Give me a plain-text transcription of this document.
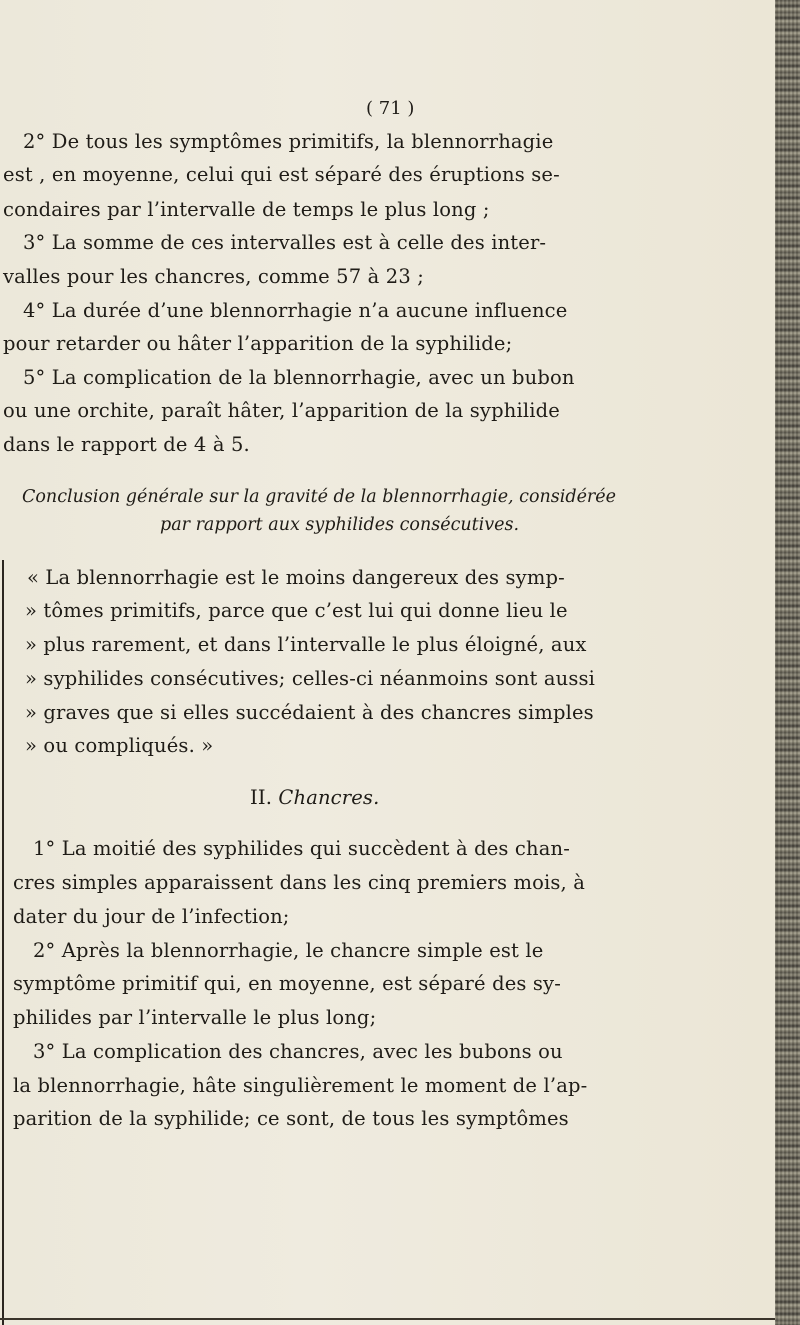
( 71 )

2° De tous les symptômes primitifs, la blennorrhagie

est , en moyenne, celui qui est séparé des éruptions se-

condaires par l’intervalle de temps le plus long ;

3° La somme de ces intervalles est à celle des inter-

valles pour les chancres, comme 57 à 23 ;

4° La durée d’une blennorrhagie n’a aucune influence

pour retarder ou hâter l’apparition de la syphilide;

5° La complication de la blennorrhagie, avec un bubon

ou une orchite, paraît hâter, l’apparition de la syphilide

dans le rapport de 4 à 5.

Conclusion générale sur la gravité de la blennorrhagie, considérée

par rapport aux syphilides consécutives.

« La blennorrhagie est le moins dangereux des symp-

» tômes primitifs, parce que c’est lui qui donne lieu le

» plus rarement, et dans l’intervalle le plus éloigné, aux

» syphilides consécutives; celles-ci néanmoins sont aussi

» graves que si elles succédaient à des chancres simples

» ou compliqués. »

II. Chancres.

1° La moitié des syphilides qui succèdent à des chan-

cres simples apparaissent dans les cinq premiers mois, à

dater du jour de l’infection;

2° Après la blennorrhagie, le chancre simple est le

symptôme primitif qui, en moyenne, est séparé des sy-

philides par l’intervalle le plus long;

3° La complication des chancres, avec les bubons ou

la blennorrhagie, hâte singulièrement le moment de l’ap-

parition de la syphilide; ce sont, de tous les symptômes
